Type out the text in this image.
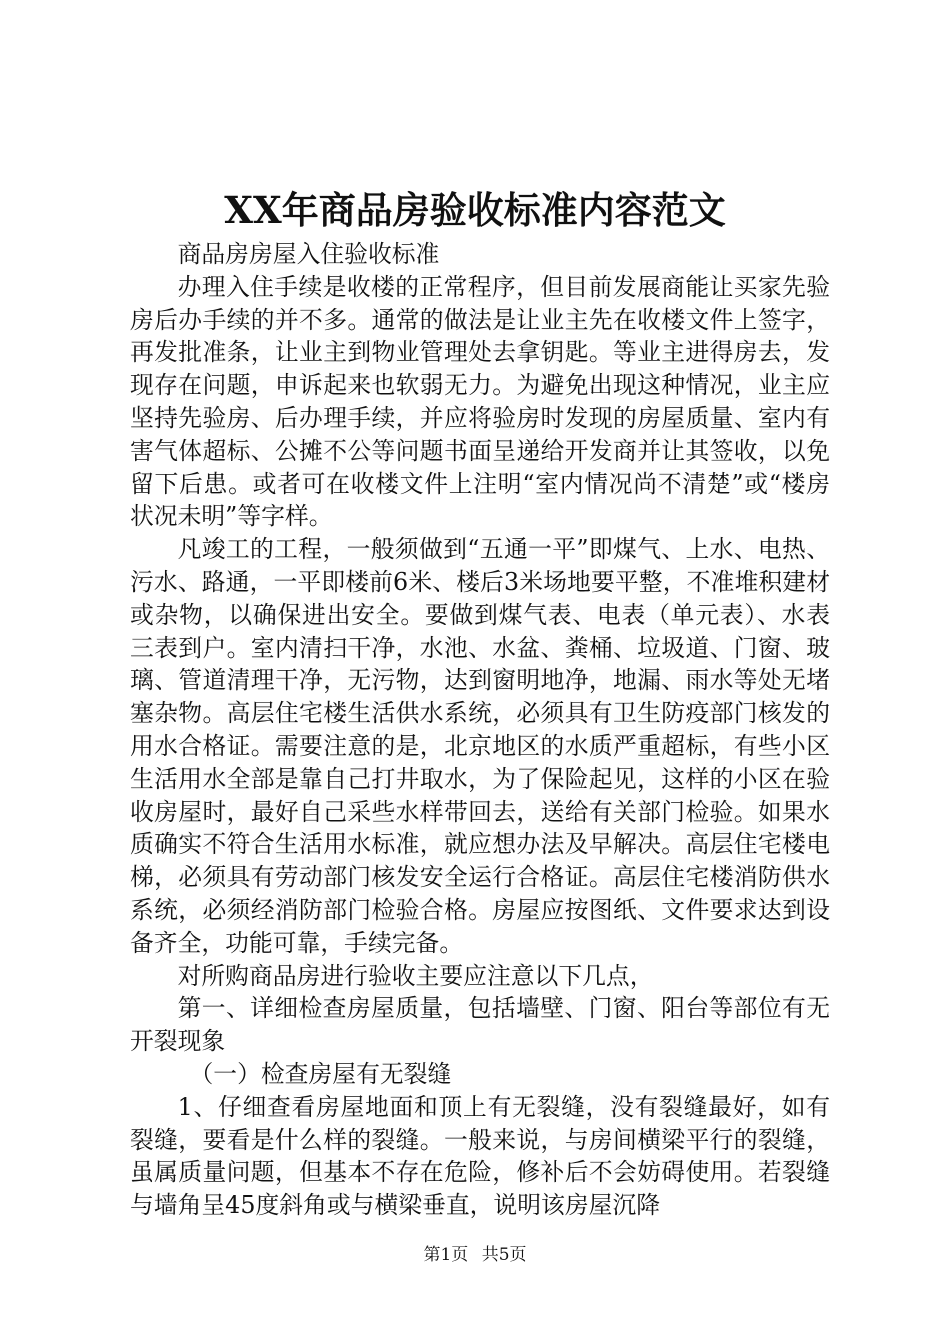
XX年商品房验收标准内容范文

商品房房屋入住验收标准

办理入住手续是收楼的正常程序，但目前发展商能让买家先验房后办手续的并不多。通常的做法是让业主先在收楼文件上签字，再发批准条，让业主到物业管理处去拿钥匙。等业主进得房去，发现存在问题，申诉起来也软弱无力。为避免出现这种情况，业主应坚持先验房、后办理手续，并应将验房时发现的房屋质量、室内有害气体超标、公摊不公等问题书面呈递给开发商并让其签收，以免留下后患。或者可在收楼文件上注明“室内情况尚不清楚”或“楼房状况未明”等字样。

凡竣工的工程，一般须做到“五通一平”即煤气、上水、电热、污水、路通，一平即楼前6米、楼后3米场地要平整，不准堆积建材或杂物，以确保进出安全。要做到煤气表、电表（单元表）、水表三表到户。室内清扫干净，水池、水盆、粪桶、垃圾道、门窗、玻璃、管道清理干净，无污物，达到窗明地净，地漏、雨水等处无堵塞杂物。高层住宅楼生活供水系统，必须具有卫生防疫部门核发的用水合格证。需要注意的是，北京地区的水质严重超标，有些小区生活用水全部是靠自己打井取水，为了保险起见，这样的小区在验收房屋时，最好自己采些水样带回去，送给有关部门检验。如果水质确实不符合生活用水标准，就应想办法及早解决。高层住宅楼电梯，必须具有劳动部门核发安全运行合格证。高层住宅楼消防供水系统，必须经消防部门检验合格。房屋应按图纸、文件要求达到设备齐全，功能可靠，手续完备。

对所购商品房进行验收主要应注意以下几点，

第一、详细检查房屋质量，包括墙壁、门窗、阳台等部位有无开裂现象

（一）检查房屋有无裂缝

1、仔细查看房屋地面和顶上有无裂缝，没有裂缝最好，如有裂缝，要看是什么样的裂缝。一般来说，与房间横梁平行的裂缝，虽属质量问题，但基本不存在危险，修补后不会妨碍使用。若裂缝与墙角呈45度斜角或与横梁垂直，说明该房屋沉降

第1页 共5页
